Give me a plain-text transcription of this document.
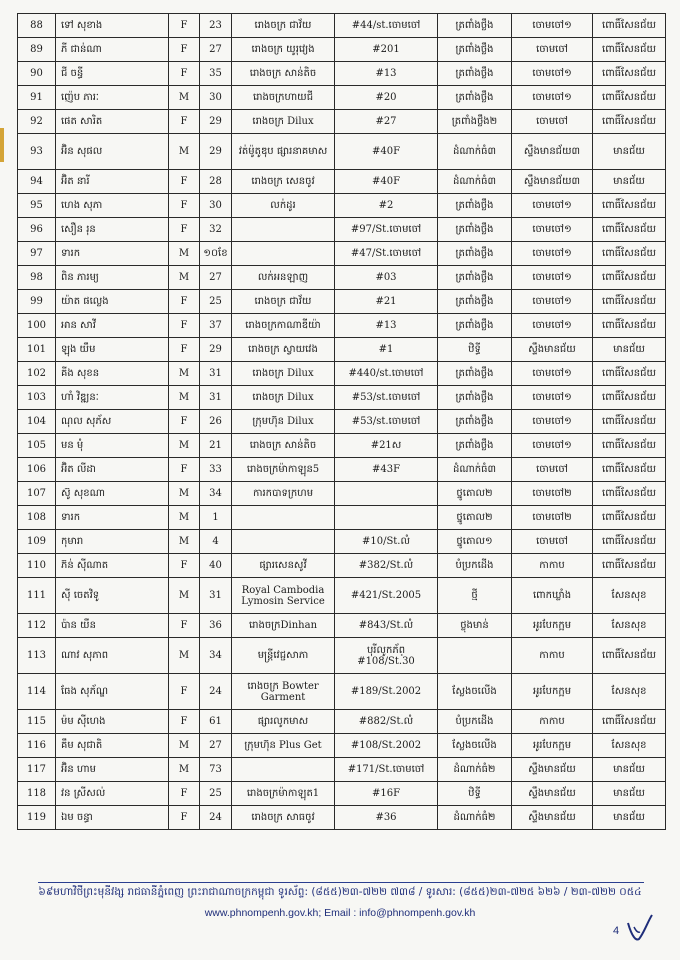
88	ទៅ សុខាង	F	23	រោងចក្រ ជាវ័យ	#44/st.ចោមចៅ	ត្រពាំងថ្លឹង	ចោមចៅ១	ពោធិ៍សែនជ័យ
89	ភី ជាន់ណា	F	27	រោងចក្រ យូរុវ្យេង	#201	ត្រពាំងថ្លឹង	ចោមចៅ	ពោធិ៍សែនជ័យ
90	ជី ចន្ធី	F	35	រោងចក្រ សាន់តិច	#13	ត្រពាំងថ្លឹង	ចោមចៅ១	ពោធិ៍សែនជ័យ
91	ញ៉េប ភារៈ	M	30	រោងចក្រហាយជី	#20	ត្រពាំងថ្លឹង	ចោមចៅ១	ពោធិ៍សែនជ័យ
92	ផេត សារិត	F	29	រោងចក្រ Dilux	#27	ត្រពាំងថ្លឹង២	ចោមចៅ	ពោធិ៍សែនជ័យ
93	អ៊ិន សុផល	M	29	វត់ម៉ូតូឌុប ផ្សារនាគមាស	#40F	ដំណាក់ធំ៣	ស្ទឹងមានជ័យ៣	មានជ័យ
94	អ៊ិត នារី	F	28	រោងចក្រ សេនចូវ	#40F	ដំណាក់ធំ៣	ស្ទឹងមានជ័យ៣	មានជ័យ
95	ហេង សុភា	F	30	លក់ដូរ	#2	ត្រពាំងថ្លឹង	ចោមចៅ១	ពោធិ៍សែនជ័យ
96	សឿន រុន	F	32		#97/St.ចោមចៅ	ត្រពាំងថ្លឹង	ចោមចៅ១	ពោធិ៍សែនជ័យ
97	ទារក	M	១០ខែ		#47/St.ចោមចៅ	ត្រពាំងថ្លឹង	ចោមចៅ១	ពោធិ៍សែនជ័យ
98	ពិន ភារម្យ	M	27	លក់អនឡាញ	#03	ត្រពាំងថ្លឹង	ចោមចៅ១	ពោធិ៍សែនជ័យ
99	យ៉ាត ផល្លេង	F	25	រោងចក្រ ជាវ័យ	#21	ត្រពាំងថ្លឹង	ចោមចៅ១	ពោធិ៍សែនជ័យ
100	អាន សាវី	F	37	រោងចក្រកាណាឌីយ៉ា	#13	ត្រពាំងថ្លឹង	ចោមចៅ១	ពោធិ៍សែនជ័យ
101	ឡុង យឹម	F	29	រោងចក្រ ស្វាយវេង	#1	ឋិទ្ធី	ស្ទឹងមានជ័យ	មានជ័យ
102	គីង សុខន	M	31	រោងចក្រ Dilux	#440/st.ចោមចៅ	ត្រពាំងថ្លឹង	ចោមចៅ១	ពោធិ៍សែនជ័យ
103	ហាំ វិឌ្ឍនៈ	M	31	រោងចក្រ Dilux	#53/st.ចោមចៅ	ត្រពាំងថ្លឹង	ចោមចៅ១	ពោធិ៍សែនជ័យ
104	ណុល សុភ័ស	F	26	ក្រុមហ៊ុន Dilux	#53/st.ចោមចៅ	ត្រពាំងថ្លឹង	ចោមចៅ១	ពោធិ៍សែនជ័យ
105	មន មុំ	M	21	រោងចក្រ សាន់តិច	#21ស	ត្រពាំងថ្លឹង	ចោមចៅ១	ពោធិ៍សែនជ័យ
106	អ៊ិត លីដា	F	33	រោងចក្រម៉ាកាឡុន5	#43F	ដំណាក់ធំ៣	ចោមចៅ	ពោធិ៍សែនជ័យ
107	ស៊ូ សុខណា	M	34	ការកបាទក្រហម		ថ្នូតោល២	ចោមចៅ២	ពោធិ៍សែនជ័យ
108	ទារក	M	1			ថ្នូតោល២	ចោមចៅ២	ពោធិ៍សែនជ័យ
109	កុមារា	M	4		#10/St.លំ	ថ្នូតោល១	ចោមចៅ	ពោធិ៍សែនជ័យ
110	ភ៊ន់ ស៊ីណាត	F	40	ផ្សារសេនសូវី	#382/St.លំ	បំប្រកដើង	កាកាប	ពោធិ៍សែនជ័យ
111	ស៊ី ចេតវិទូ	M	31	Royal Cambodia Lymosin Service	#421/St.2005	ថ្មី	ពោកឃ្លាំង	សែនសុខ
112	ប៉ាន យឺន	F	36	រោងចក្រDinhan	#843/St.លំ	ថ្លុងមាន់	អូរបែកក្អម	សែនសុខ
113	ណាវ សុភាព	M	34	មន្ត្រីវេជ្ជសាភា	បុរីលូកភ័ព្ #108/St.30		កាកាប	ពោធិ៍សែនជ័យ
114	ធែង សុភ័ណ្ឌ	F	24	រោងចក្រ Bowter Garment	#189/St.2002	ស្លែងចលើង	អូរបែកក្អម	សែនសុខ
115	ម៉ម ស៊ីហេង	F	61	ផ្សារលូកមាស	#882/St.លំ	បំប្រកដើង	កាកាប	ពោធិ៍សែនជ័យ
116	គឹម សុជាតិ	M	27	ក្រុមហ៊ុន Plus Get	#108/St.2002	ស្លែងចលើង	អូរបែកក្អម	សែនសុខ
117	អ៊ិន ហាម	M	73		#171/St.ចោមចៅ	ដំណាក់ធំ២	ស្ទឹងមានជ័យ	មានជ័យ
118	វន ស្រីសល់	F	25	រោងចក្រម៉ាកាឡុត1	#16F	ឋិទ្ធី	ស្ទឹងមានជ័យ	មានជ័យ
119	ឯម ចន្ធា	F	24	រោងចក្រ សាធចូវ	#36	ដំណាក់ធំ២	ស្ទឹងមានជ័យ	មានជ័យ
៦៩មហាវិថីព្រះមុនីវង្ស រាជធានីភ្នំពេញ ព្រះរាជាណាចក្រកម្ពុជា ទូរស័ព្ទ: (៨៥៥)២៣-៧២២ ៧៣៨ / ទូរសារ: (៨៥៥)២៣-៧២៥ ៦២៦ / ២៣-៧២២ ០៥៤
www.phnompenh.gov.kh; Email : info@phnompenh.gov.kh
4
